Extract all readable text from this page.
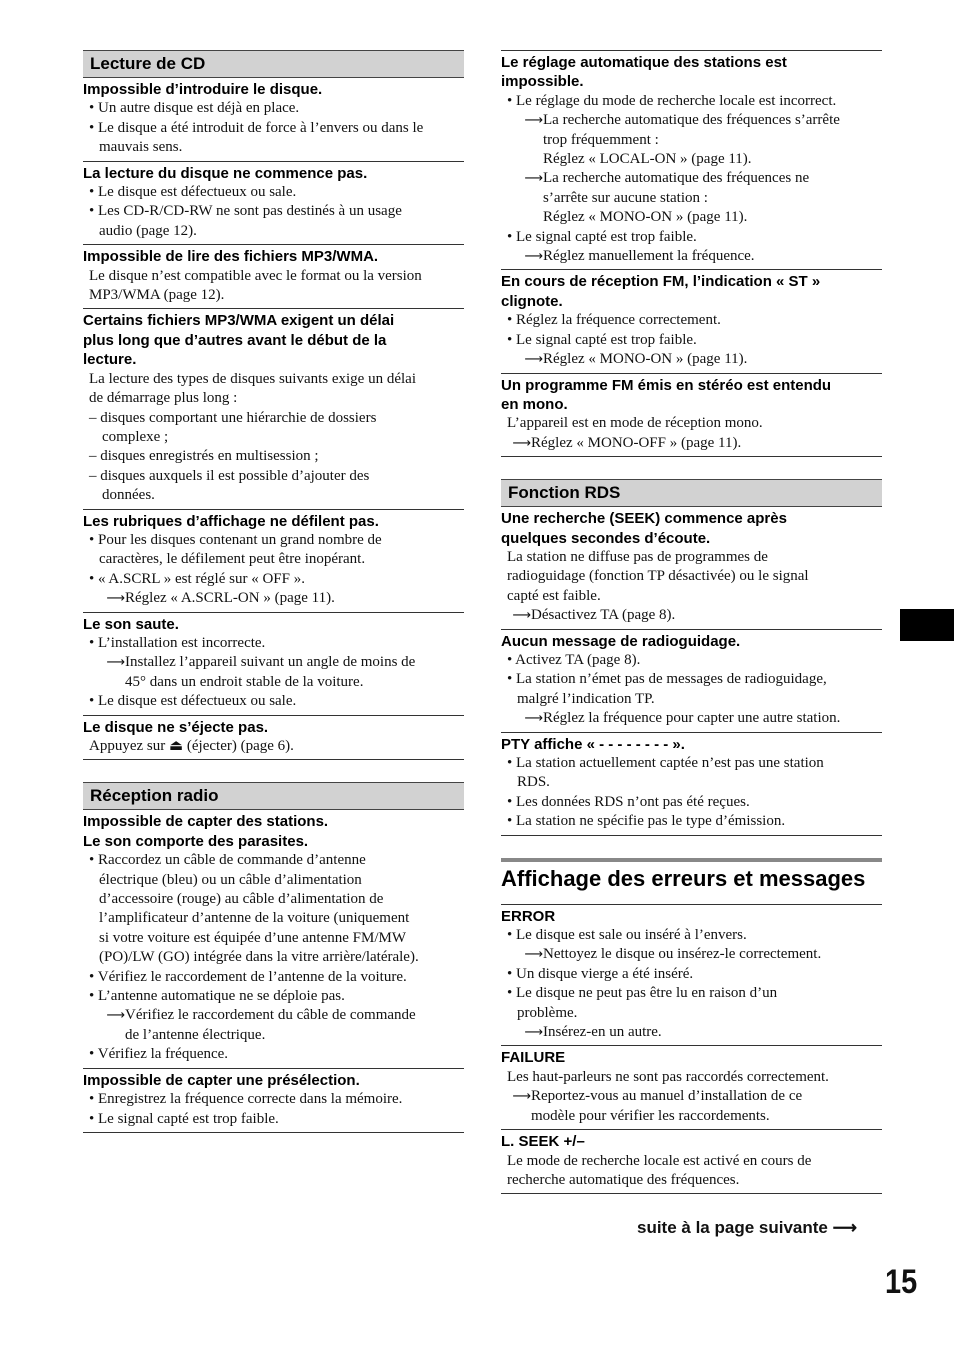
Lecture de CD
Impossible d’introduire le disque.
• Un autre disque est déjà en place.
• Le disque a été introduit de force à l’envers ou dans le
mauvais sens.
La lecture du disque ne commence pas.
• Le disque est défectueux ou sale.
• Les CD-R/CD-RW ne sont pas destinés à un usage
audio (page 12).
Impossible de lire des fichiers MP3/WMA.
Le disque n’est compatible avec le format ou la version
MP3/WMA (page 12).
Certains fichiers MP3/WMA exigent un délai
plus long que d’autres avant le début de la
lecture.
La lecture des types de disques suivants exige un délai
de démarrage plus long :
– disques comportant une hiérarchie de dossiers
complexe ;
– disques enregistrés en multisession ;
– disques auxquels il est possible d’ajouter des
données.
Les rubriques d’affichage ne défilent pas.
• Pour les disques contenant un grand nombre de
caractères, le défilement peut être inopérant.
• « A.SCRL » est réglé sur « OFF ».
⟶Réglez « A.SCRL-ON » (page 11).
Le son saute.
• L’installation est incorrecte.
⟶Installez l’appareil suivant un angle de moins de
45° dans un endroit stable de la voiture.
• Le disque est défectueux ou sale.
Le disque ne s’éjecte pas.
Appuyez sur ⏏ (éjecter) (page 6).
Réception radio
Impossible de capter des stations.
Le son comporte des parasites.
• Raccordez un câble de commande d’antenne
électrique (bleu) ou un câble d’alimentation
d’accessoire (rouge) au câble d’alimentation de
l’amplificateur d’antenne de la voiture (uniquement
si votre voiture est équipée d’une antenne FM/MW
(PO)/LW (GO) intégrée dans la vitre arrière/latérale).
• Vérifiez le raccordement de l’antenne de la voiture.
• L’antenne automatique ne se déploie pas.
⟶Vérifiez le raccordement du câble de commande
de l’antenne électrique.
• Vérifiez la fréquence.
Impossible de capter une présélection.
• Enregistrez la fréquence correcte dans la mémoire.
• Le signal capté est trop faible.
Le réglage automatique des stations est
impossible.
• Le réglage du mode de recherche locale est incorrect.
⟶La recherche automatique des fréquences s’arrête
trop fréquemment :
Réglez « LOCAL-ON » (page 11).
⟶La recherche automatique des fréquences ne
s’arrête sur aucune station :
Réglez « MONO-ON » (page 11).
• Le signal capté est trop faible.
⟶Réglez manuellement la fréquence.
En cours de réception FM, l’indication « ST »
clignote.
• Réglez la fréquence correctement.
• Le signal capté est trop faible.
⟶Réglez « MONO-ON » (page 11).
Un programme FM émis en stéréo est entendu
en mono.
L’appareil est en mode de réception mono.
⟶Réglez « MONO-OFF » (page 11).
Fonction RDS
Une recherche (SEEK) commence après
quelques secondes d’écoute.
La station ne diffuse pas de programmes de
radioguidage (fonction TP désactivée) ou le signal
capté est faible.
⟶Désactivez TA (page 8).
Aucun message de radioguidage.
• Activez TA (page 8).
• La station n’émet pas de messages de radioguidage,
malgré l’indication TP.
⟶Réglez la fréquence pour capter une autre station.
PTY affiche « - - - - - - - - ».
• La station actuellement captée n’est pas une station
RDS.
• Les données RDS n’ont pas été reçues.
• La station ne spécifie pas le type d’émission.
Affichage des erreurs et messages
ERROR
• Le disque est sale ou inséré à l’envers.
⟶Nettoyez le disque ou insérez-le correctement.
• Un disque vierge a été inséré.
• Le disque ne peut pas être lu en raison d’un
problème.
⟶Insérez-en un autre.
FAILURE
Les haut-parleurs ne sont pas raccordés correctement.
⟶Reportez-vous au manuel d’installation de ce
modèle pour vérifier les raccordements.
L. SEEK +/–
Le mode de recherche locale est activé en cours de
recherche automatique des fréquences.
suite à la page suivante ⟶
15
